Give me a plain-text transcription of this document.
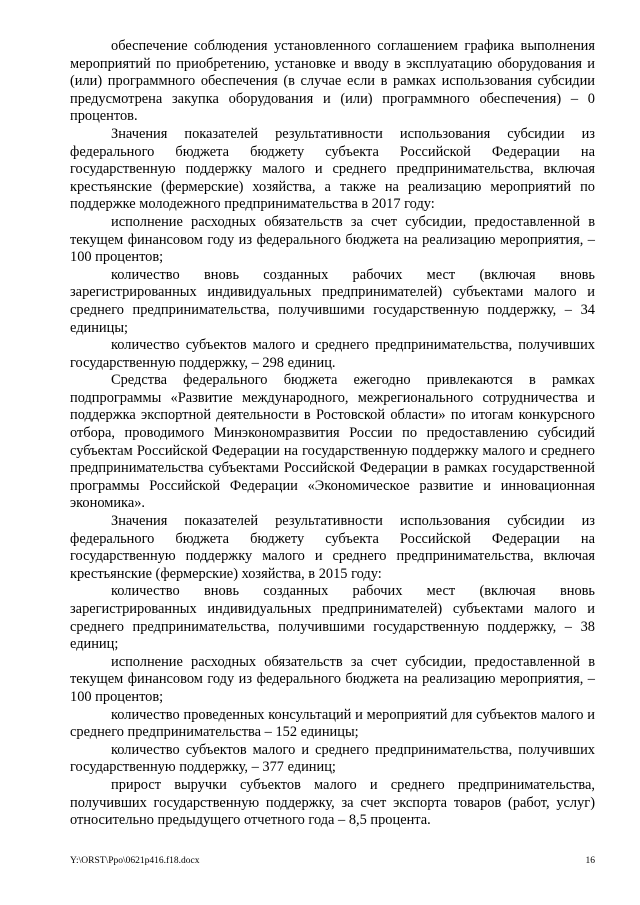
обеспечение соблюдения установленного соглашением графика выполнения мероприятий по приобретению, установке и вводу в эксплуатацию оборудования и (или) программного обеспечения (в случае если в рамках использования субсидии предусмотрена закупка оборудования и (или) программного обеспечения) – 0 процентов.

Значения показателей результативности использования субсидии из федерального бюджета бюджету субъекта Российской Федерации на государственную поддержку малого и среднего предпринимательства, включая крестьянские (фермерские) хозяйства, а также на реализацию мероприятий по поддержке молодежного предпринимательства в 2017 году:

исполнение расходных обязательств за счет субсидии, предоставленной в текущем финансовом году из федерального бюджета на реализацию мероприятия, – 100 процентов;

количество вновь созданных рабочих мест (включая вновь зарегистрированных индивидуальных предпринимателей) субъектами малого и среднего предпринимательства, получившими государственную поддержку, – 34 единицы;

количество субъектов малого и среднего предпринимательства, получивших государственную поддержку, – 298 единиц.

Средства федерального бюджета ежегодно привлекаются в рамках подпрограммы «Развитие международного, межрегионального сотрудничества и поддержка экспортной деятельности в Ростовской области» по итогам конкурсного отбора, проводимого Минэкономразвития России по предоставлению субсидий субъектам Российской Федерации на государственную поддержку малого и среднего предпринимательства субъектами Российской Федерации в рамках государственной программы Российской Федерации «Экономическое развитие и инновационная экономика».

Значения показателей результативности использования субсидии из федерального бюджета бюджету субъекта Российской Федерации на государственную поддержку малого и среднего предпринимательства, включая крестьянские (фермерские) хозяйства, в 2015 году:

количество вновь созданных рабочих мест (включая вновь зарегистрированных индивидуальных предпринимателей) субъектами малого и среднего предпринимательства, получившими государственную поддержку, – 38 единиц;

исполнение расходных обязательств за счет субсидии, предоставленной в текущем финансовом году из федерального бюджета на реализацию мероприятия, – 100 процентов;

количество проведенных консультаций и мероприятий для субъектов малого и среднего предпринимательства – 152 единицы;

количество субъектов малого и среднего предпринимательства, получивших государственную поддержку, – 377 единиц;

прирост выручки субъектов малого и среднего предпринимательства, получивших государственную поддержку, за счет экспорта товаров (работ, услуг) относительно предыдущего отчетного года – 8,5 процента.

Y:\ORST\Ppo\0621p416.f18.docx	16
